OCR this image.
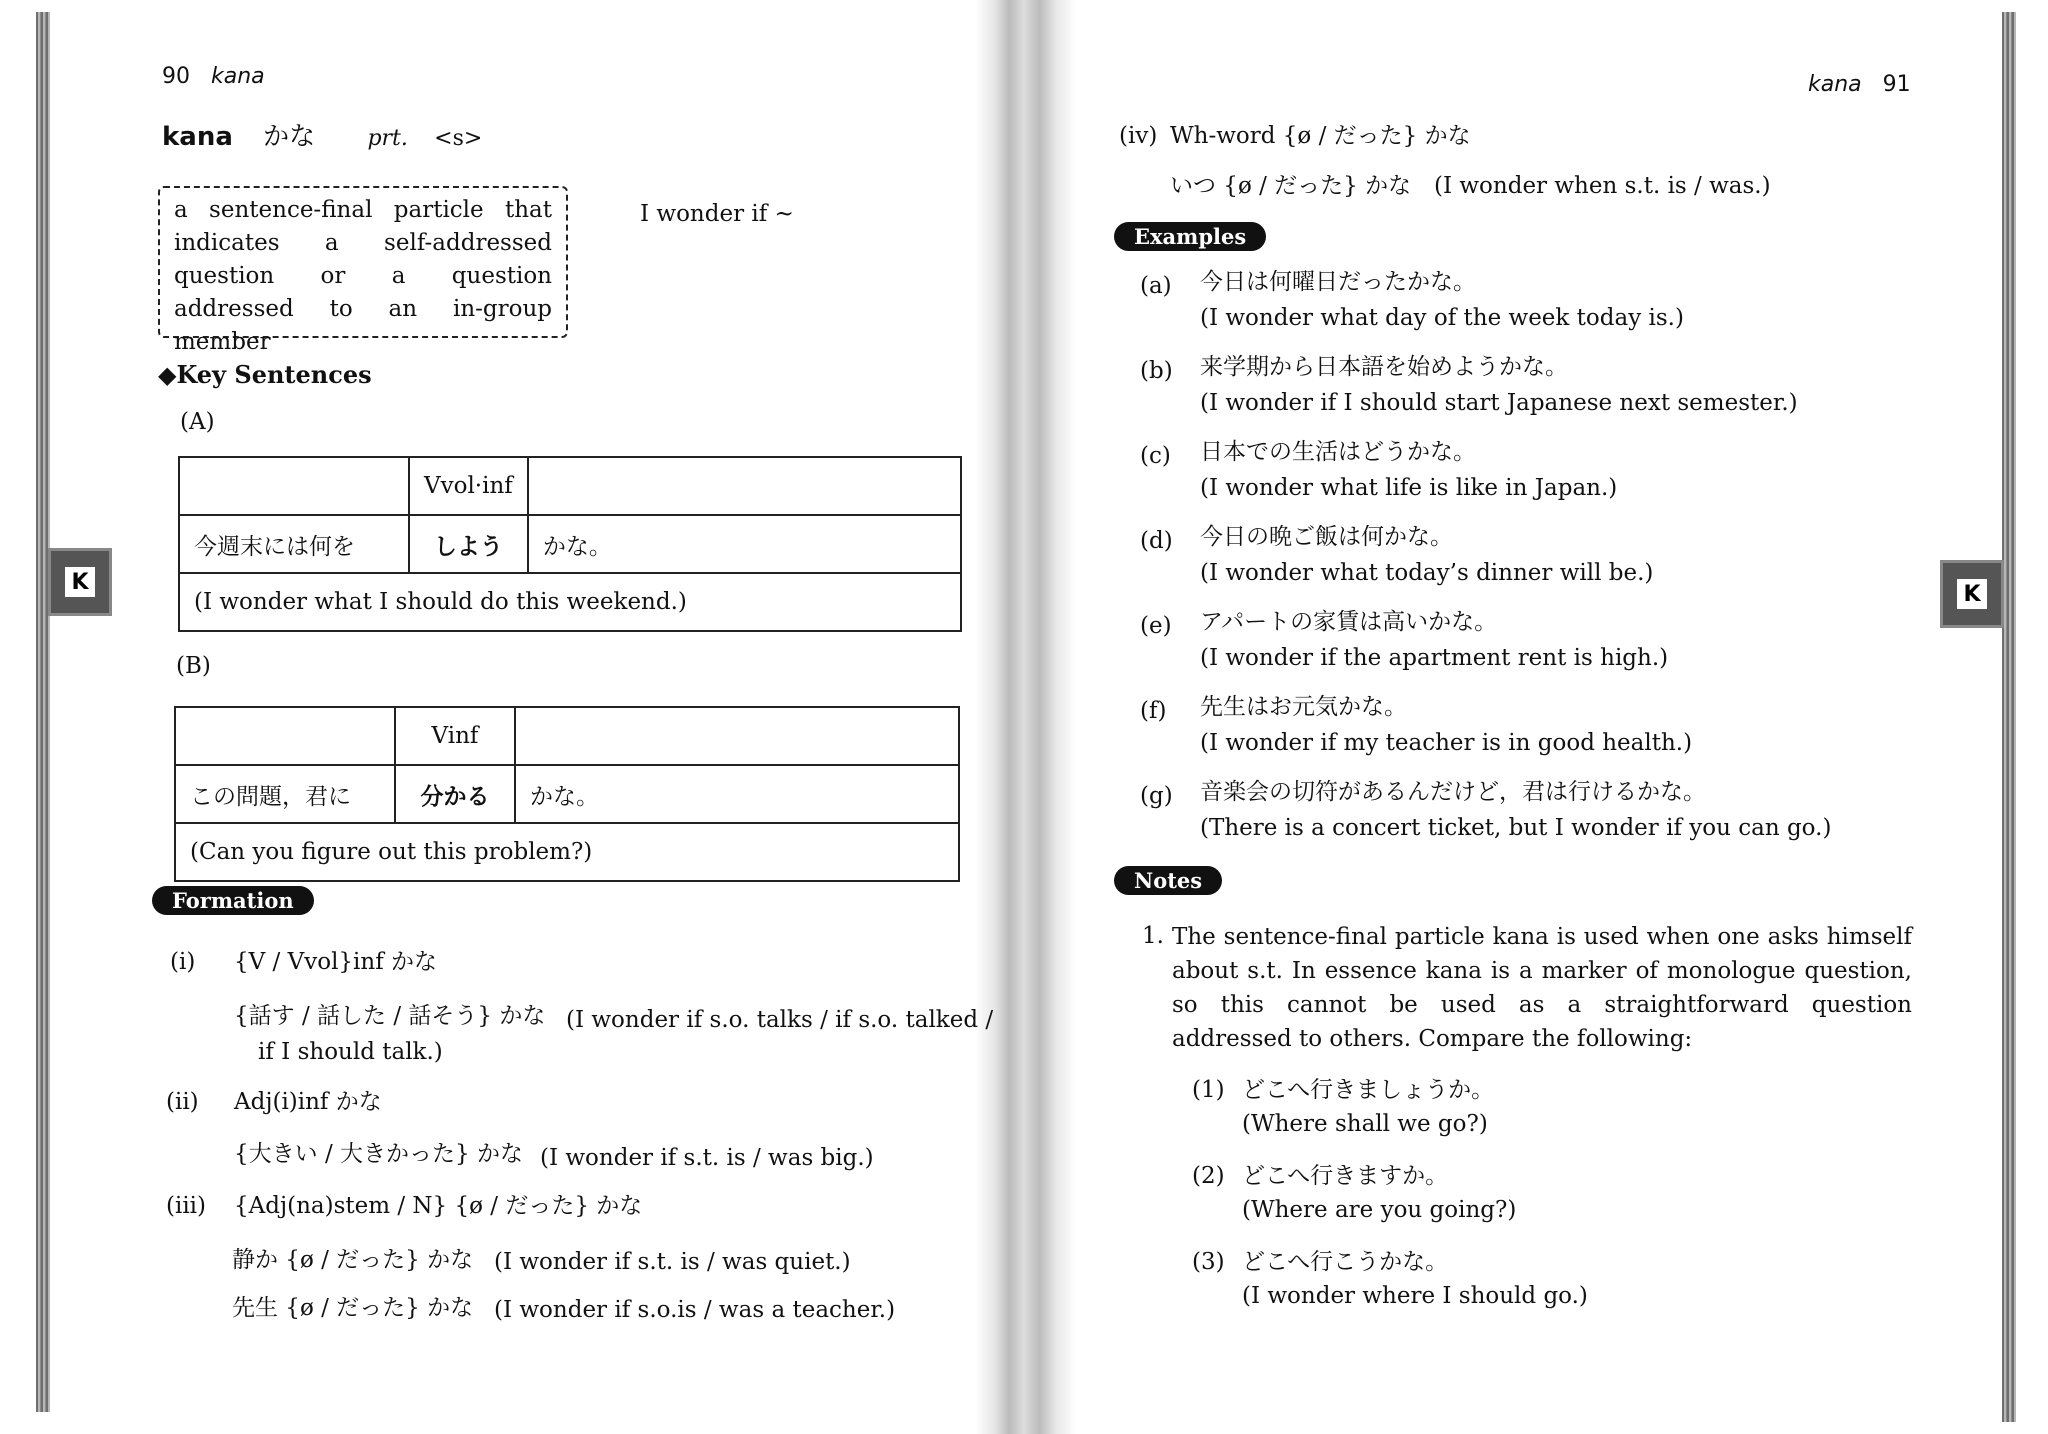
90 kana
kana かな prt. <s>
a sentence-final particle that indicates a self-addressed question or a question addressed to an in-group member
I wonder if ~
◆Key Sentences
(A)
	Vvol·inf	
今週末には何を	しよう	かな。
(I wonder what I should do this weekend.)		
(B)
	Vinf	
この問題，君に	分かる	かな。
(Can you figure out this problem?)		
Formation
(i) {V / Vvol}inf かな
{話す / 話した / 話そう} かな (I wonder if s.o. talks / if s.o. talked /
if I should talk.)
(ii) Adj(i)inf かな
{大きい / 大きかった} かな (I wonder if s.t. is / was big.)
(iii) {Adj(na)stem / N} {ø / だった} かな
静か {ø / だった} かな (I wonder if s.t. is / was quiet.)
先生 {ø / だった} かな (I wonder if s.o.is / was a teacher.)
K
kana 91
(iv) Wh-word {ø / だった} かな
いつ {ø / だった} かな (I wonder when s.t. is / was.)
Examples
(a) 今日は何曜日だったかな。
(I wonder what day of the week today is.)
(b) 来学期から日本語を始めようかな。
(I wonder if I should start Japanese next semester.)
(c) 日本での生活はどうかな。
(I wonder what life is like in Japan.)
(d) 今日の晩ご飯は何かな。
(I wonder what today’s dinner will be.)
(e) アパートの家賃は高いかな。
(I wonder if the apartment rent is high.)
(f) 先生はお元気かな。
(I wonder if my teacher is in good health.)
(g) 音楽会の切符があるんだけど，君は行けるかな。
(There is a concert ticket, but I wonder if you can go.)
Notes
1. The sentence-final particle kana is used when one asks himself about s.t. In essence kana is a marker of monologue question, so this cannot be used as a straightforward question addressed to others. Compare the following:
(1) どこへ行きましょうか。
(Where shall we go?)
(2) どこへ行きますか。
(Where are you going?)
(3) どこへ行こうかな。
(I wonder where I should go.)
K
